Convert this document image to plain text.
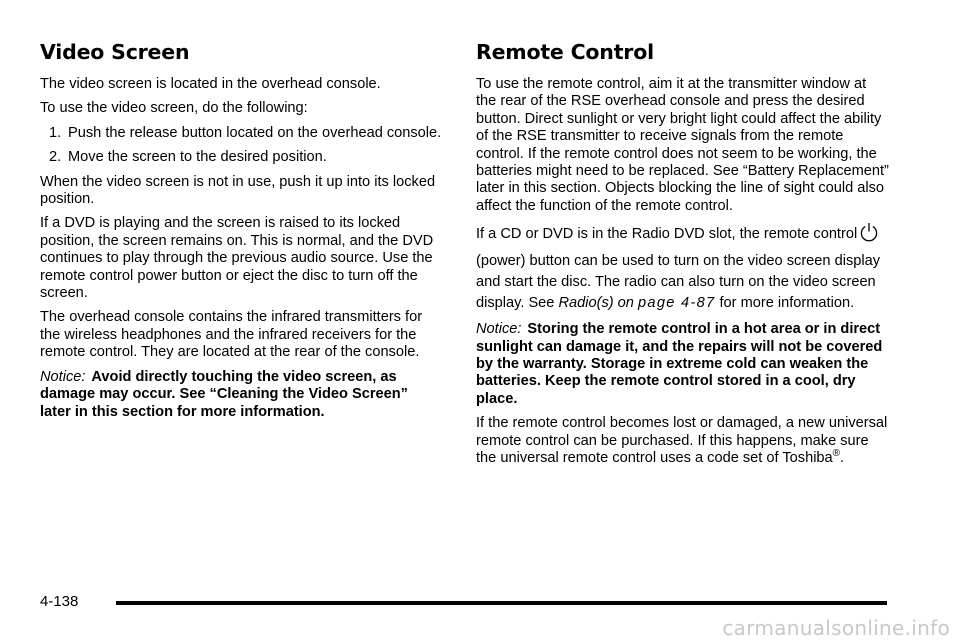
Video Screen

The video screen is located in the overhead console.

To use the video screen, do the following:

1. Push the release button located on the overhead console.
2. Move the screen to the desired position.

When the video screen is not in use, push it up into its locked position.

If a DVD is playing and the screen is raised to its locked position, the screen remains on. This is normal, and the DVD continues to play through the previous audio source. Use the remote control power button or eject the disc to turn off the screen.

The overhead console contains the infrared transmitters for the wireless headphones and the infrared receivers for the remote control. They are located at the rear of the console.

Notice: Avoid directly touching the video screen, as damage may occur. See “Cleaning the Video Screen” later in this section for more information.

Remote Control

To use the remote control, aim it at the transmitter window at the rear of the RSE overhead console and press the desired button. Direct sunlight or very bright light could affect the ability of the RSE transmitter to receive signals from the remote control. If the remote control does not seem to be working, the batteries might need to be replaced. See “Battery Replacement” later in this section. Objects blocking the line of sight could also affect the function of the remote control.

If a CD or DVD is in the Radio DVD slot, the remote control(power) button can be used to turn on the video screen display and start the disc. The radio can also turn on the video screen display. See Radio(s) on page 4-87 for more information.

Notice: Storing the remote control in a hot area or in direct sunlight can damage it, and the repairs will not be covered by the warranty. Storage in extreme cold can weaken the batteries. Keep the remote control stored in a cool, dry place.

If the remote control becomes lost or damaged, a new universal remote control can be purchased. If this happens, make sure the universal remote control uses a code set of Toshiba®.

4-138
carmanualsonline.info
